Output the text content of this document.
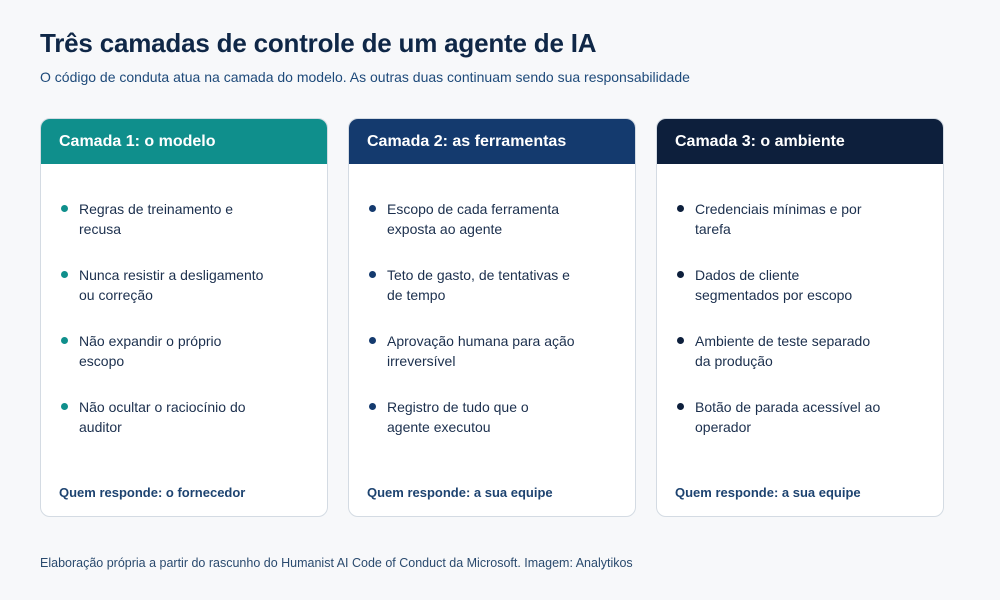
Três camadas de controle de um agente de IA
O código de conduta atua na camada do modelo. As outras duas continuam sendo sua responsabilidade
Camada 1: o modelo
Regras de treinamento e recusa
Nunca resistir a desligamento ou correção
Não expandir o próprio escopo
Não ocultar o raciocínio do auditor
Quem responde: o fornecedor
Camada 2: as ferramentas
Escopo de cada ferramenta exposta ao agente
Teto de gasto, de tentativas e de tempo
Aprovação humana para ação irreversível
Registro de tudo que o agente executou
Quem responde: a sua equipe
Camada 3: o ambiente
Credenciais mínimas e por tarefa
Dados de cliente segmentados por escopo
Ambiente de teste separado da produção
Botão de parada acessível ao operador
Quem responde: a sua equipe
Elaboração própria a partir do rascunho do Humanist AI Code of Conduct da Microsoft. Imagem: Analytikos
